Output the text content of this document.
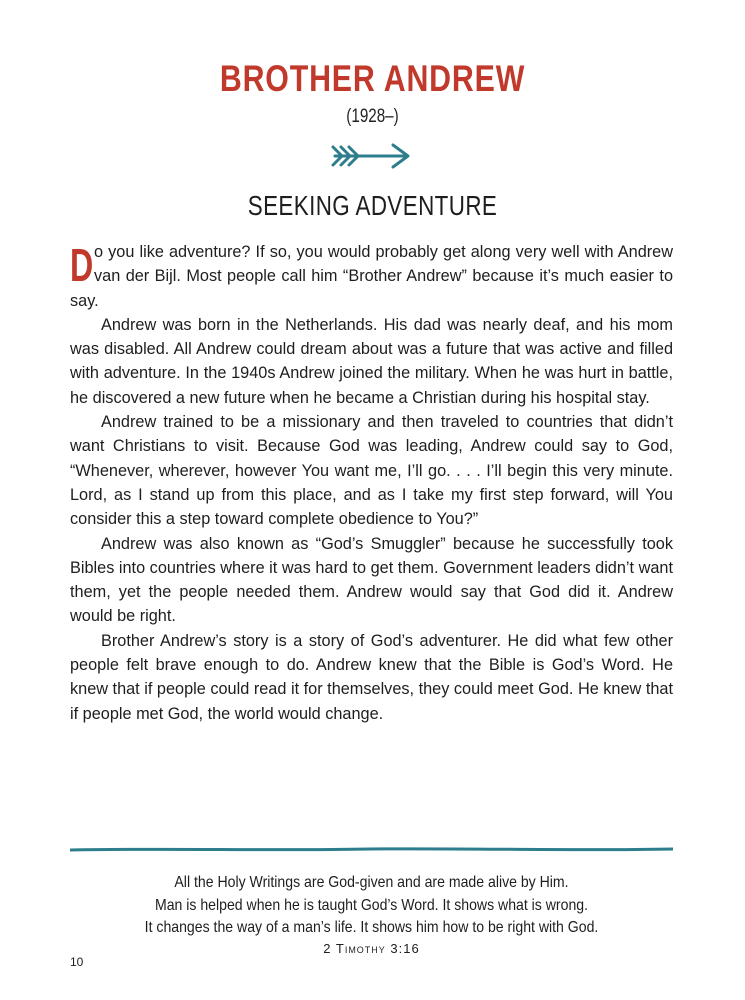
BROTHER ANDREW
(1928–)
SEEKING ADVENTURE

Do you like adventure? If so, you would probably get along very well with Andrew van der Bijl. Most people call him “Brother Andrew” because it’s much easier to say.

Andrew was born in the Netherlands. His dad was nearly deaf, and his mom was disabled. All Andrew could dream about was a future that was active and filled with adventure. In the 1940s Andrew joined the military. When he was hurt in battle, he discovered a new future when he became a Christian during his hospital stay.

Andrew trained to be a missionary and then traveled to countries that didn’t want Christians to visit. Because God was leading, Andrew could say to God, “Whenever, wherever, however You want me, I’ll go. . . . I’ll begin this very minute. Lord, as I stand up from this place, and as I take my first step forward, will You consider this a step toward complete obedience to You?”

Andrew was also known as “God’s Smuggler” because he successfully took Bibles into countries where it was hard to get them. Government leaders didn’t want them, yet the people needed them. Andrew would say that God did it. Andrew would be right.

Brother Andrew’s story is a story of God’s adventurer. He did what few other people felt brave enough to do. Andrew knew that the Bible is God’s Word. He knew that if people could read it for themselves, they could meet God. He knew that if people met God, the world would change.

All the Holy Writings are God-given and are made alive by Him.
Man is helped when he is taught God’s Word. It shows what is wrong.
It changes the way of a man’s life. It shows him how to be right with God.
2 Timothy 3:16
10
